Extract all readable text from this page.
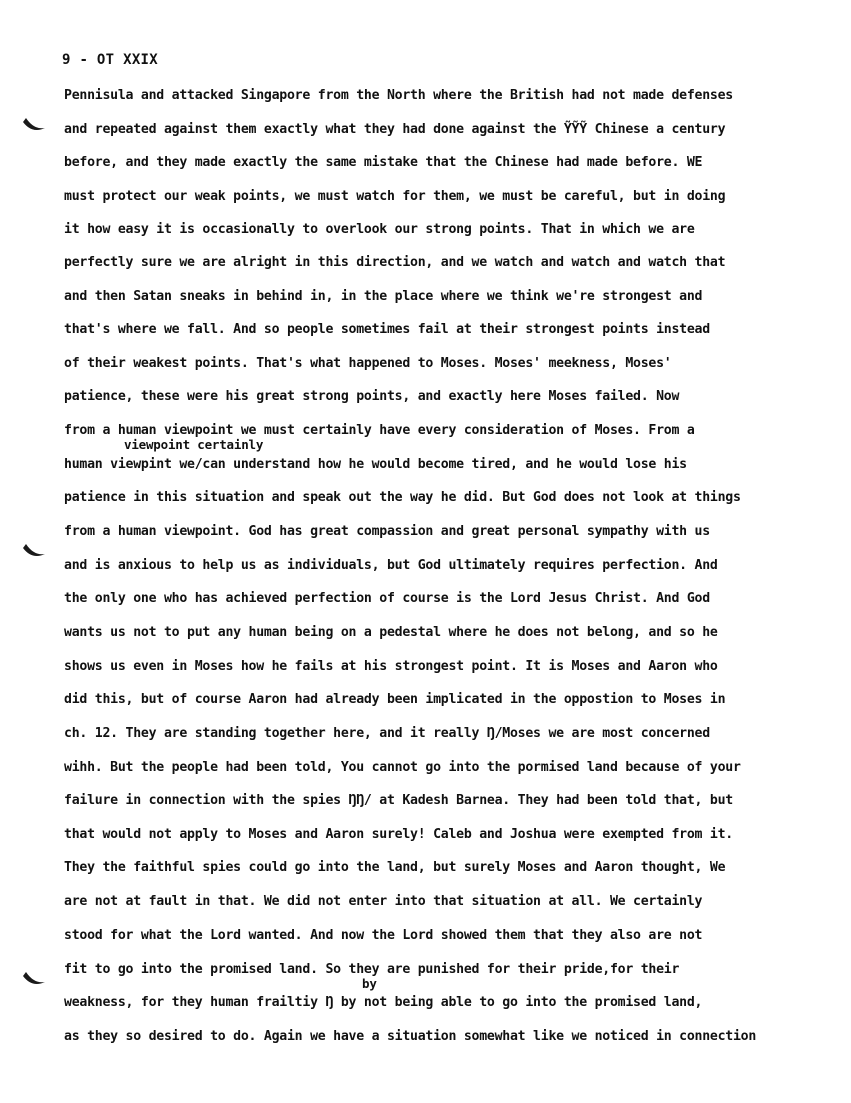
9 - OT XXIX
viewpoint certainly
by
Pennisula and attacked Singapore from the North where the British had not made defenses
and repeated against them exactly what they had done against the ỸỸỸ Chinese a century
before, and they made exactly the same mistake that the Chinese had made before. WE
must protect our weak points, we must watch for them, we must be careful, but in doing
it how easy it is occasionally to overlook our strong points. That in which we are
perfectly sure we are alright in this direction, and we watch and watch and watch that
and then Satan sneaks in behind in, in the place where we think we're strongest and
that's where we fall. And so people sometimes fail at their strongest points instead
of their weakest points. That's what happened to Moses. Moses' meekness, Moses'
patience, these were his great strong points, and exactly here Moses failed. Now
from a human viewpoint we must certainly have every consideration of Moses. From a
human viewpint we/can understand how he would become tired, and he would lose his
patience in this situation and speak out the way he did. But God does not look at things
from a human viewpoint. God has great compassion and great personal sympathy with us
and is anxious to help us as individuals, but God ultimately requires perfection. And
the only one who has achieved perfection of course is the Lord Jesus Christ. And God
wants us not to put any human being on a pedestal where he does not belong, and so he
shows us even in Moses how he fails at his strongest point. It is Moses and Aaron who
did this, but of course Aaron had already been implicated in the oppostion to Moses in
ch. 12. They are standing together here, and it really Ŋ/Moses we are most concerned
wihh. But the people had been told, You cannot go into the pormised land because of your
failure in connection with the spies ŊŊ/ at Kadesh Barnea. They had been told that, but
that would not apply to Moses and Aaron surely! Caleb and Joshua were exempted from it.
They the faithful spies could go into the land, but surely Moses and Aaron thought, We
are not at fault in that. We did not enter into that situation at all. We certainly
stood for what the Lord wanted. And now the Lord showed them that they also are not
fit to go into the promised land. So they are punished for their pride,for their
weakness, for they human frailtiy Ŋ by not being able to go into the promised land,
as they so desired to do. Again we have a situation somewhat like we noticed in connection
